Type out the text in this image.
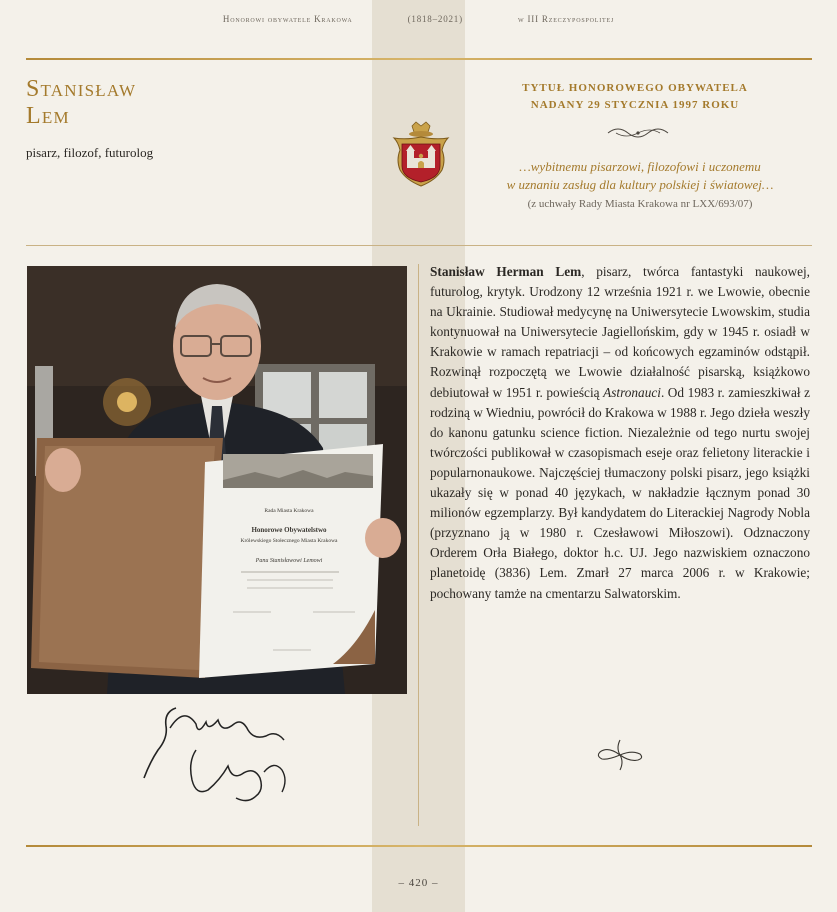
Honorowi obywatele Krakowa	(1818–2021)	w III Rzeczypospolitej
Stanisław
Lem
pisarz, filozof, futurolog
TYTUŁ HONOROWEGO OBYWATELA
NADANY 29 STYCZNIA 1997 ROKU
…wybitnemu pisarzowi, filozofowi i uczonemu
w uznaniu zasług dla kultury polskiej i światowej…
(z uchwały Rady Miasta Krakowa nr LXX/693/07)
Rada Miasta Krakowa
Honorowe Obywatelstwo
Królewskiego Stołecznego Miasta Krakowa
Panu Stanisławowi Lemowi
Stanisław Herman Lem, pisarz, twórca fantastyki naukowej, futurolog, krytyk. Urodzony 12 września 1921 r. we Lwowie, obecnie na Ukrainie. Studiował medycynę na Uniwersytecie Lwowskim, studia kontynuował na Uniwersytecie Jagiellońskim, gdy w 1945 r. osiadł w Krakowie w ramach repatriacji – od końcowych egzaminów odstąpił. Rozwinął rozpoczętą we Lwowie działalność pisarską, książkowo debiutował w 1951 r. powieścią Astronauci. Od 1983 r. zamieszkiwał z rodziną w Wiedniu, powrócił do Krakowa w 1988 r. Jego dzieła weszły do kanonu gatunku science fiction. Niezależnie od tego nurtu swojej twórczości publikował w czasopismach eseje oraz felietony literackie i popularnonaukowe. Najczęściej tłumaczony polski pisarz, jego książki ukazały się w ponad 40 językach, w nakładzie łącznym ponad 30 milionów egzemplarzy. Był kandydatem do Literackiej Nagrody Nobla (przyznano ją w 1980 r. Czesławowi Miłoszowi). Odznaczony Orderem Orła Białego, doktor h.c. UJ. Jego nazwiskiem oznaczono planetoidę (3836) Lem. Zmarł 27 marca 2006 r. w Krakowie; pochowany tamże na cmentarzu Salwatorskim.
– 420 –
